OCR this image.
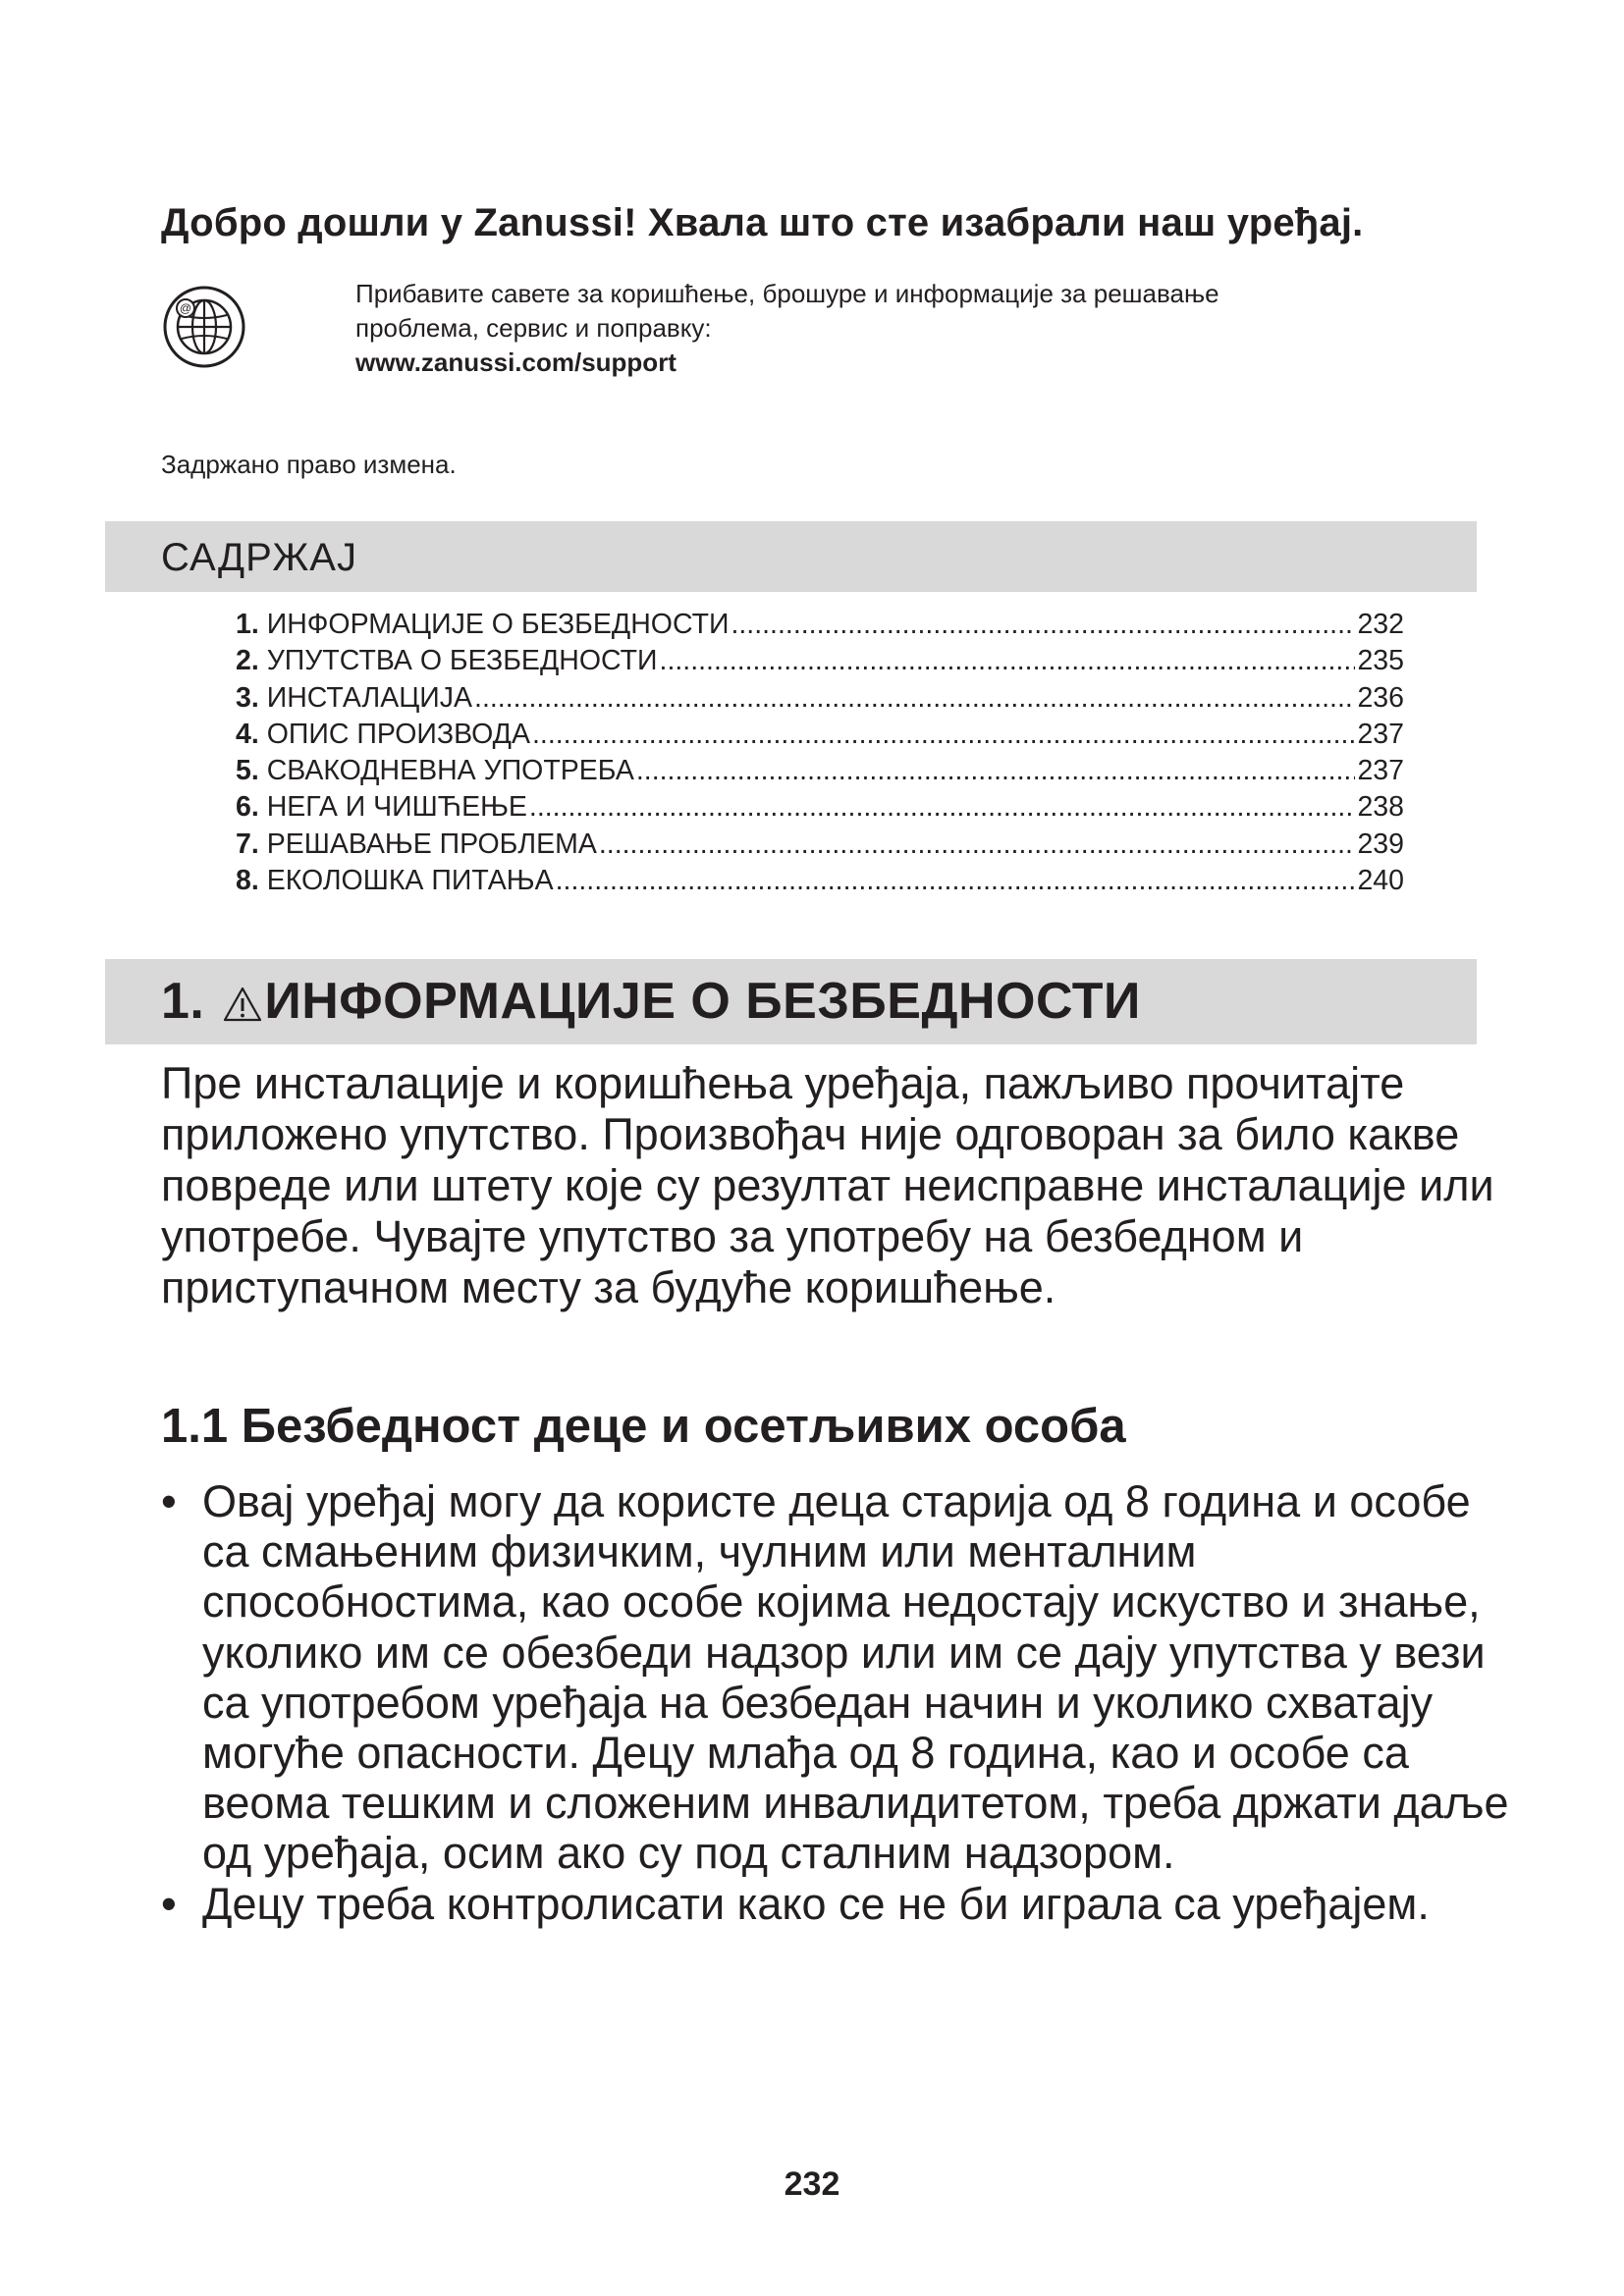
Добро дошли у Zanussi! Хвала што сте изабрали наш уређај.
@	Прибавите савете за коришћење, брошуре и информације за решавање
проблема, сервис и поправку:
www.zanussi.com/support
Задржано право измена.
САДРЖАЈ
1.
ИНФОРМАЦИЈЕ О БЕЗБЕДНОСТИ .....	232
2.
УПУТСТВА О БЕЗБЕДНОСТИ .....	235
3.
ИНСТАЛАЦИЈА .....	236
4.
ОПИС ПРОИЗВОДА .....	237
5.
СВАКОДНЕВНА УПОТРЕБА .....	237
6.
НЕГА И ЧИШЋЕЊЕ .....	238
7.
РЕШАВАЊЕ ПРОБЛЕМА .....	239
8.
ЕКОЛОШКА ПИТАЊА .....	240
1. ИНФОРМАЦИЈЕ О БЕЗБЕДНОСТИ
Пре инсталације и коришћења уређаја, пажљиво прочитајте приложено упутство. Произвођач није одговоран за било какве повреде или штету које су резултат неисправне инсталације или употребе. Чувајте упутство за употребу на безбедном и приступачном месту за будуће коришћење.
1.1 Безбедност деце и осетљивих особа
• Овај уређај могу да користе деца старија од 8 година и особе са смањеним физичким, чулним или менталним способностима, као особе којима недостају искуство и знање, уколико им се обезбеди надзор или им се дају упутства у вези са употребом уређаја на безбедан начин и уколико схватају могуће опасности. Децу млађа од 8 година, као и особе са веома тешким и сложеним инвалидитетом, треба држати даље од уређаја, осим ако су под сталним надзором.
• Децу треба контролисати како се не би играла са уређајем.
232
